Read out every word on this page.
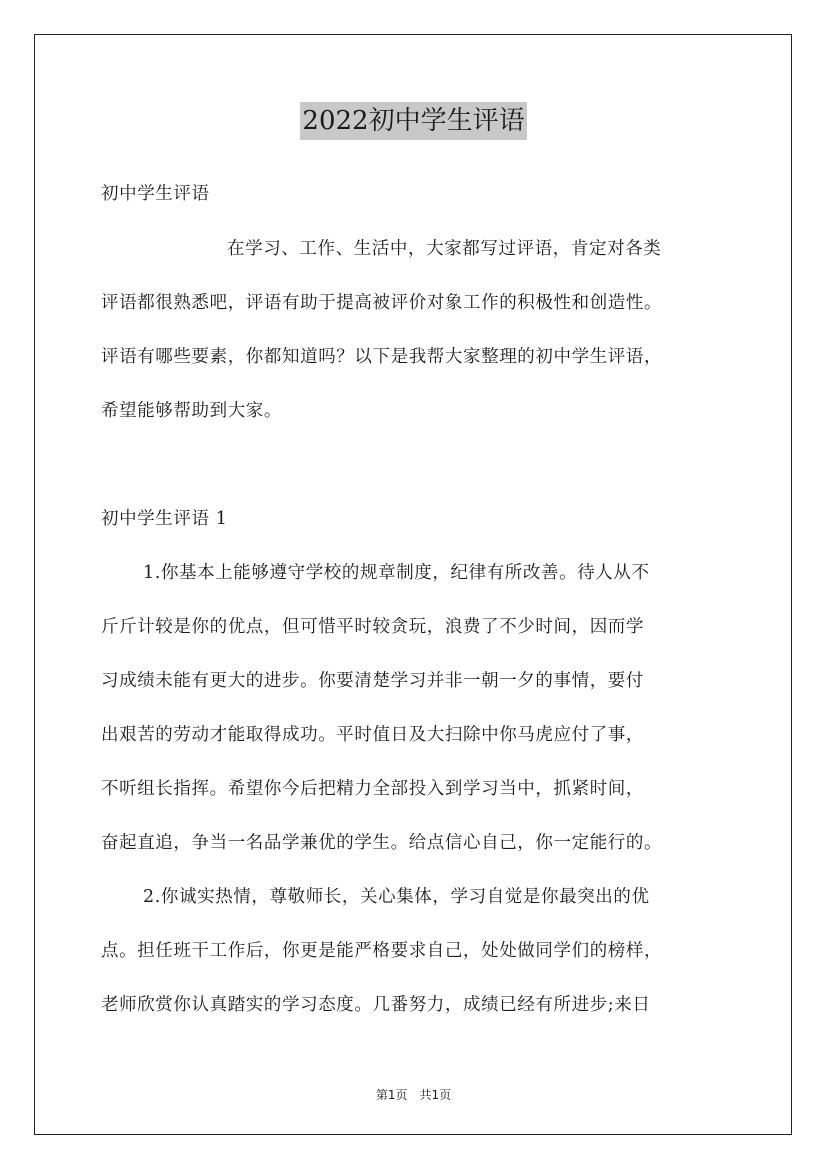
2022初中学生评语
初中学生评语
在学习、工作、生活中，大家都写过评语，肯定对各类
评语都很熟悉吧，评语有助于提高被评价对象工作的积极性和创造性。
评语有哪些要素，你都知道吗？以下是我帮大家整理的初中学生评语，
希望能够帮助到大家。
初中学生评语 1
1.你基本上能够遵守学校的规章制度，纪律有所改善。待人从不
斤斤计较是你的优点，但可惜平时较贪玩，浪费了不少时间，因而学
习成绩未能有更大的进步。你要清楚学习并非一朝一夕的事情，要付
出艰苦的劳动才能取得成功。平时值日及大扫除中你马虎应付了事，
不听组长指挥。希望你今后把精力全部投入到学习当中，抓紧时间，
奋起直追，争当一名品学兼优的学生。给点信心自己，你一定能行的。
2.你诚实热情，尊敬师长，关心集体，学习自觉是你最突出的优
点。担任班干工作后，你更是能严格要求自己，处处做同学们的榜样，
老师欣赏你认真踏实的学习态度。几番努力，成绩已经有所进步;来日
第1页 共1页
